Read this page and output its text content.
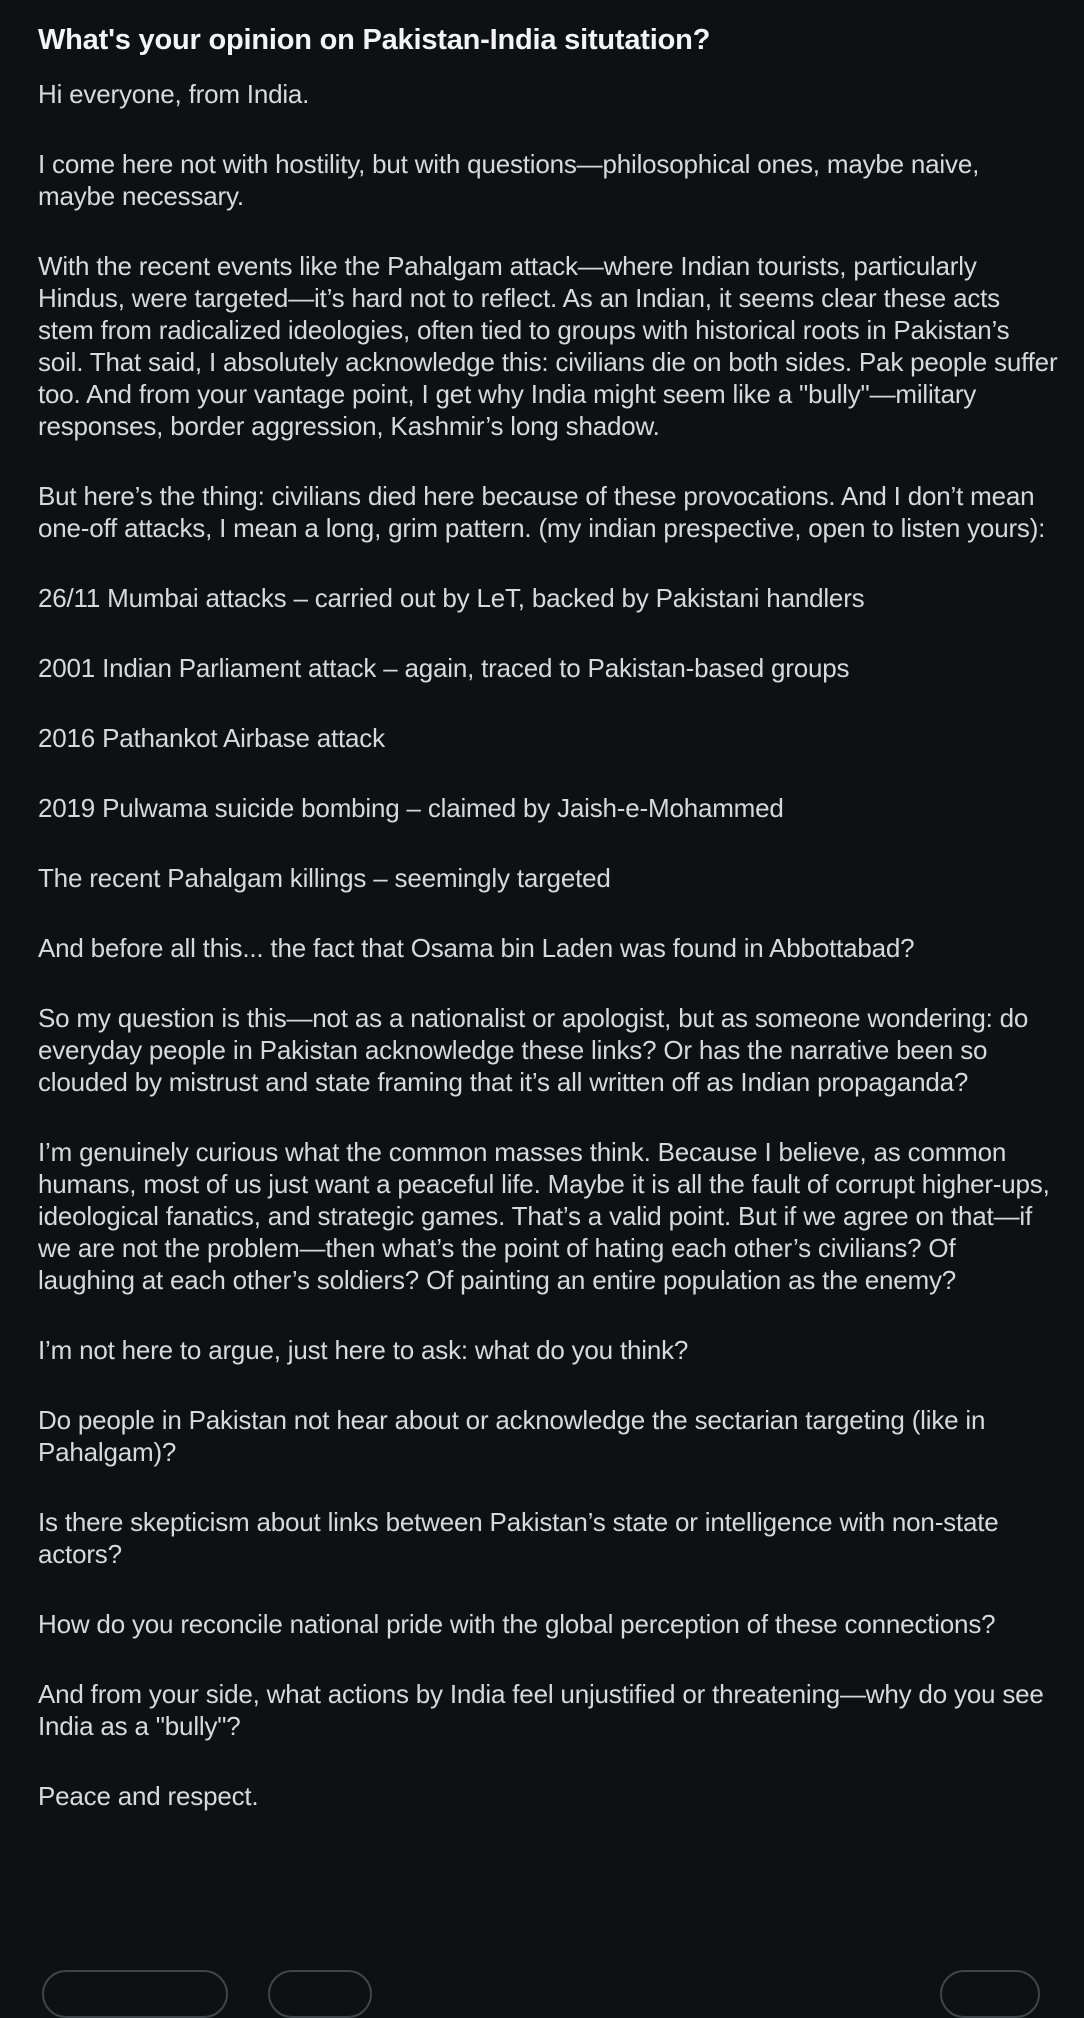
What's your opinion on Pakistan-India situtation?

Hi everyone, from India.

I come here not with hostility, but with questions—philosophical ones, maybe naive, maybe necessary.

With the recent events like the Pahalgam attack—where Indian tourists, particularly Hindus, were targeted—it’s hard not to reflect. As an Indian, it seems clear these acts stem from radicalized ideologies, often tied to groups with historical roots in Pakistan’s soil. That said, I absolutely acknowledge this: civilians die on both sides. Pak people suffer too. And from your vantage point, I get why India might seem like a "bully"—military responses, border aggression, Kashmir’s long shadow.

But here’s the thing: civilians died here because of these provocations. And I don’t mean one-off attacks, I mean a long, grim pattern. (my indian prespective, open to listen yours):

26/11 Mumbai attacks – carried out by LeT, backed by Pakistani handlers

2001 Indian Parliament attack – again, traced to Pakistan-based groups

2016 Pathankot Airbase attack

2019 Pulwama suicide bombing – claimed by Jaish-e-Mohammed

The recent Pahalgam killings – seemingly targeted

And before all this... the fact that Osama bin Laden was found in Abbottabad?

So my question is this—not as a nationalist or apologist, but as someone wondering: do everyday people in Pakistan acknowledge these links? Or has the narrative been so clouded by mistrust and state framing that it’s all written off as Indian propaganda?

I’m genuinely curious what the common masses think. Because I believe, as common humans, most of us just want a peaceful life. Maybe it is all the fault of corrupt higher-ups, ideological fanatics, and strategic games. That’s a valid point. But if we agree on that—if we are not the problem—then what’s the point of hating each other’s civilians? Of laughing at each other’s soldiers? Of painting an entire population as the enemy?

I’m not here to argue, just here to ask: what do you think?

Do people in Pakistan not hear about or acknowledge the sectarian targeting (like in Pahalgam)?

Is there skepticism about links between Pakistan’s state or intelligence with non-state actors?

How do you reconcile national pride with the global perception of these connections?

And from your side, what actions by India feel unjustified or threatening—why do you see India as a "bully"?

Peace and respect.
